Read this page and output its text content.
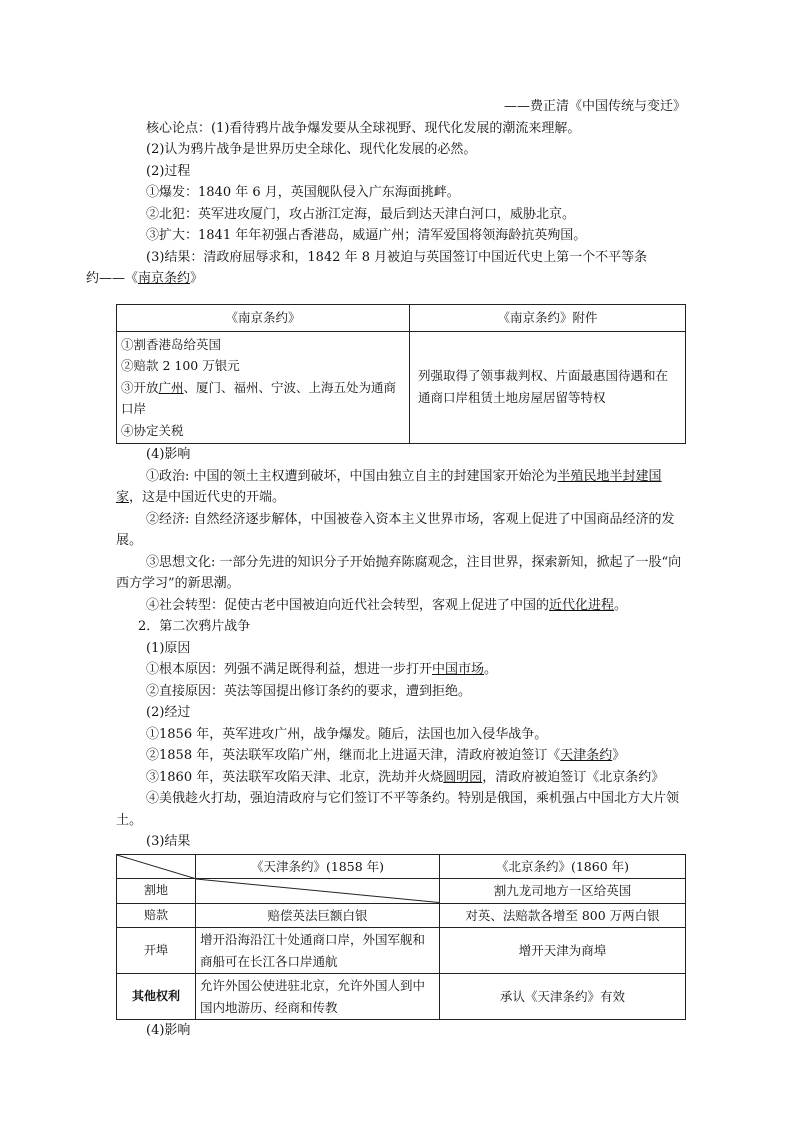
——费正清《中国传统与变迁》

核心论点：(1)看待鸦片战争爆发要从全球视野、现代化发展的潮流来理解。

(2)认为鸦片战争是世界历史全球化、现代化发展的必然。

(2)过程

①爆发：1840 年 6 月，英国舰队侵入广东海面挑衅。

②北犯：英军进攻厦门，攻占浙江定海，最后到达天津白河口，威胁北京。

③扩大：1841 年年初强占香港岛，威逼广州；清军爱国将领海龄抗英殉国。

(3)结果：清政府屈辱求和，1842 年 8 月被迫与英国签订中国近代史上第一个不平等条
约——《南京条约》

《南京条约》	《南京条约》附件

①割香港岛给英国
②赔款 2 100 万银元
③开放广州、厦门、福州、宁波、上海五处为通商口岸
④协定关税	列强取得了领事裁判权、片面最惠国待遇和在通商口岸租赁土地房屋居留等特权

(4)影响

①政治: 中国的领土主权遭到破坏，中国由独立自主的封建国家开始沦为半殖民地半封建国家，这是中国近代史的开端。

②经济: 自然经济逐步解体，中国被卷入资本主义世界市场，客观上促进了中国商品经济的发展。

③思想文化: 一部分先进的知识分子开始抛弃陈腐观念，注目世界，探索新知，掀起了一股“向西方学习”的新思潮。

④社会转型：促使古老中国被迫向近代社会转型，客观上促进了中国的近代化进程。

2．第二次鸦片战争

(1)原因

①根本原因：列强不满足既得利益，想进一步打开中国市场。

②直接原因：英法等国提出修订条约的要求，遭到拒绝。

(2)经过

①1856 年，英军进攻广州，战争爆发。随后，法国也加入侵华战争。

②1858 年，英法联军攻陷广州，继而北上进逼天津，清政府被迫签订《天津条约》

③1860 年，英法联军攻陷天津、北京，洗劫并火烧圆明园，清政府被迫签订《北京条约》

④美俄趁火打劫，强迫清政府与它们签订不平等条约。特别是俄国，乘机强占中国北方大片领土。

(3)结果

	《天津条约》(1858 年)	《北京条约》(1860 年)
割地		割九龙司地方一区给英国
赔款	赔偿英法巨额白银	对英、法赔款各增至 800 万两白银
开埠	增开沿海沿江十处通商口岸，外国军舰和商船可在长江各口岸通航	增开天津为商埠
其他权利	允许外国公使进驻北京，允许外国人到中国内地游历、经商和传教	承认《天津条约》有效

(4)影响
